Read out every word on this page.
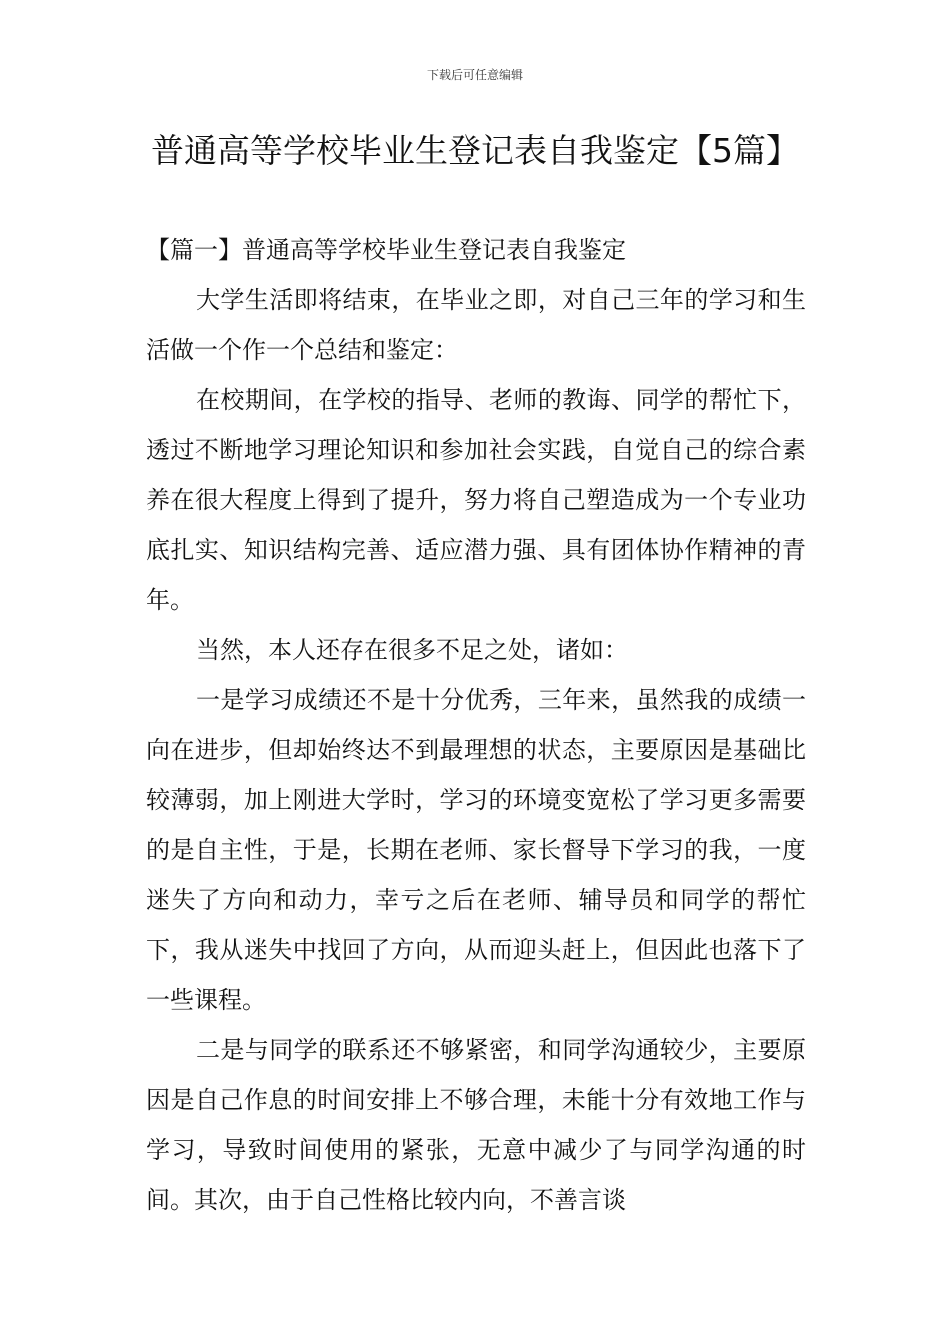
下载后可任意编辑
普通高等学校毕业生登记表自我鉴定【5篇】
【篇一】普通高等学校毕业生登记表自我鉴定

大学生活即将结束，在毕业之即，对自己三年的学习和生活做一个作一个总结和鉴定：

在校期间，在学校的指导、老师的教诲、同学的帮忙下，透过不断地学习理论知识和参加社会实践，自觉自己的综合素养在很大程度上得到了提升，努力将自己塑造成为一个专业功底扎实、知识结构完善、适应潜力强、具有团体协作精神的青年。

当然，本人还存在很多不足之处，诸如：

一是学习成绩还不是十分优秀，三年来，虽然我的成绩一向在进步，但却始终达不到最理想的状态，主要原因是基础比较薄弱，加上刚进大学时，学习的环境变宽松了学习更多需要的是自主性，于是，长期在老师、家长督导下学习的我，一度迷失了方向和动力，幸亏之后在老师、辅导员和同学的帮忙下，我从迷失中找回了方向，从而迎头赶上，但因此也落下了一些课程。

二是与同学的联系还不够紧密，和同学沟通较少，主要原因是自己作息的时间安排上不够合理，未能十分有效地工作与学习，导致时间使用的紧张，无意中减少了与同学沟通的时间。其次，由于自己性格比较内向，不善言谈
